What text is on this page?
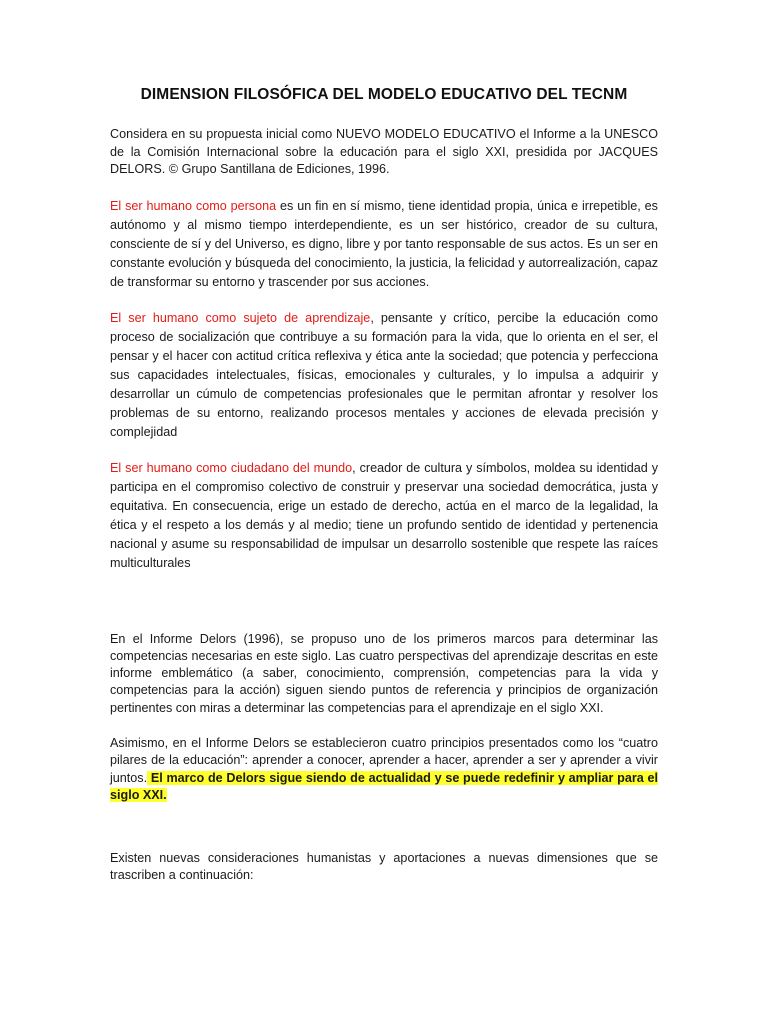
DIMENSION FILOSÓFICA DEL MODELO EDUCATIVO DEL TECNM

Considera en su propuesta inicial como NUEVO MODELO EDUCATIVO el Informe a la UNESCO de la Comisión Internacional sobre la educación para el siglo XXI, presidida por JACQUES DELORS. © Grupo Santillana de Ediciones, 1996.

El ser humano como persona es un fin en sí mismo, tiene identidad propia, única e irrepetible, es autónomo y al mismo tiempo interdependiente, es un ser histórico, creador de su cultura, consciente de sí y del Universo, es digno, libre y por tanto responsable de sus actos. Es un ser en constante evolución y búsqueda del conocimiento, la justicia, la felicidad y autorrealización, capaz de transformar su entorno y trascender por sus acciones.

El ser humano como sujeto de aprendizaje, pensante y crítico, percibe la educación como proceso de socialización que contribuye a su formación para la vida, que lo orienta en el ser, el pensar y el hacer con actitud crítica reflexiva y ética ante la sociedad; que potencia y perfecciona sus capacidades intelectuales, físicas, emocionales y culturales, y lo impulsa a adquirir y desarrollar un cúmulo de competencias profesionales que le permitan afrontar y resolver los problemas de su entorno, realizando procesos mentales y acciones de elevada precisión y complejidad

El ser humano como ciudadano del mundo, creador de cultura y símbolos, moldea su identidad y participa en el compromiso colectivo de construir y preservar una sociedad democrática, justa y equitativa. En consecuencia, erige un estado de derecho, actúa en el marco de la legalidad, la ética y el respeto a los demás y al medio; tiene un profundo sentido de identidad y pertenencia nacional y asume su responsabilidad de impulsar un desarrollo sostenible que respete las raíces multiculturales

En el Informe Delors (1996), se propuso uno de los primeros marcos para determinar las competencias necesarias en este siglo. Las cuatro perspectivas del aprendizaje descritas en este informe emblemático (a saber, conocimiento, comprensión, competencias para la vida y competencias para la acción) siguen siendo puntos de referencia y principios de organización pertinentes con miras a determinar las competencias para el aprendizaje en el siglo XXI.

Asimismo, en el Informe Delors se establecieron cuatro principios presentados como los “cuatro pilares de la educación”: aprender a conocer, aprender a hacer, aprender a ser y aprender a vivir juntos. El marco de Delors sigue siendo de actualidad y se puede redefinir y ampliar para el siglo XXI.

Existen nuevas consideraciones humanistas y aportaciones a nuevas dimensiones que se trascriben a continuación:
